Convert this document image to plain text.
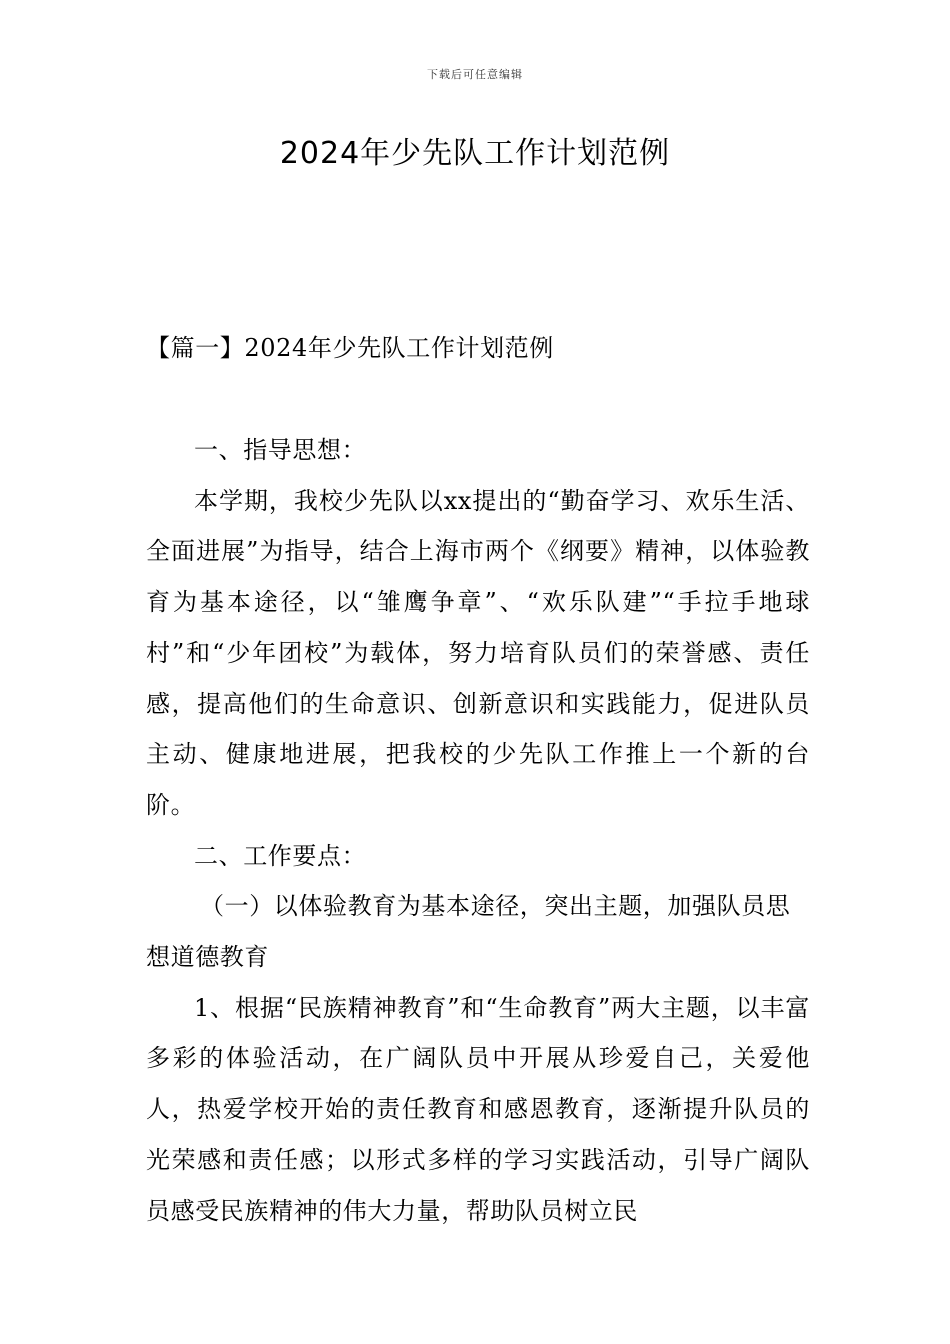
下载后可任意编辑
2024年少先队工作计划范例
【篇一】2024年少先队工作计划范例

一、指导思想：

本学期，我校少先队以xx提出的“勤奋学习、欢乐生活、全面进展”为指导，结合上海市两个《纲要》精神，以体验教育为基本途径，以“雏鹰争章”、“欢乐队建”“手拉手地球村”和“少年团校”为载体，努力培育队员们的荣誉感、责任感，提高他们的生命意识、创新意识和实践能力，促进队员主动、健康地进展，把我校的少先队工作推上一个新的台阶。

二、工作要点：

（一）以体验教育为基本途径，突出主题，加强队员思想道德教育

1、根据“民族精神教育”和“生命教育”两大主题，以丰富多彩的体验活动，在广阔队员中开展从珍爱自己，关爱他人，热爱学校开始的责任教育和感恩教育，逐渐提升队员的光荣感和责任感；以形式多样的学习实践活动，引导广阔队员感受民族精神的伟大力量，帮助队员树立民
